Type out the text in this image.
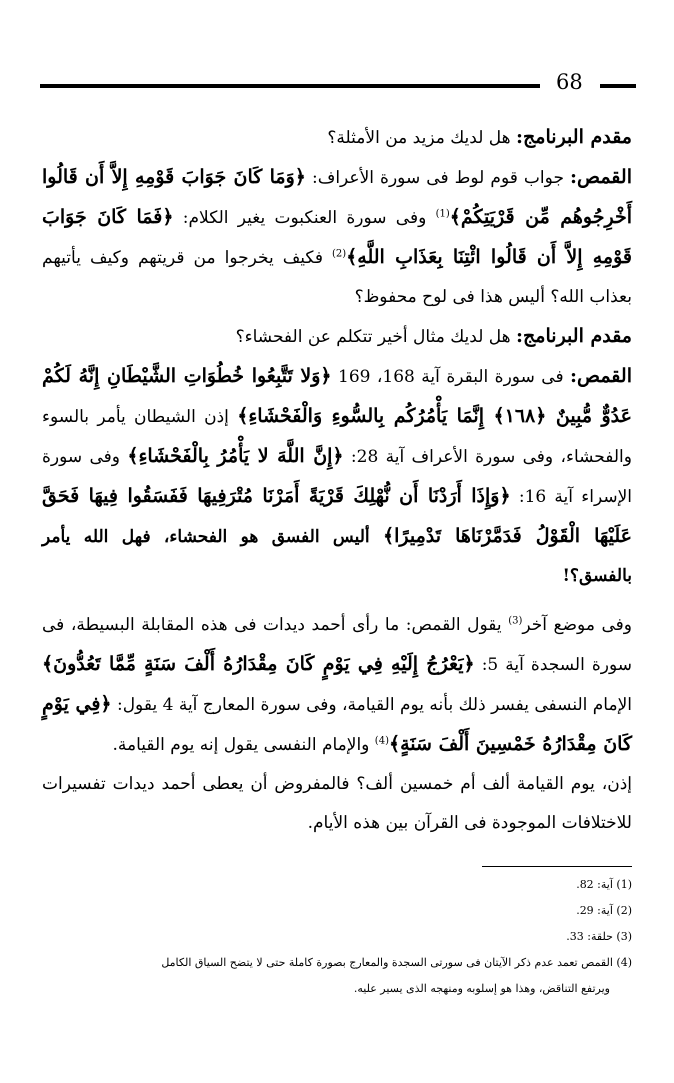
68

مقدم البرنامج: هل لديك مزيد من الأمثلة؟

القمص: جواب قوم لوط فى سورة الأعراف: ﴿وَمَا كَانَ جَوَابَ قَوْمِهِ إِلاَّ أَن قَالُوا أَخْرِجُوهُم مِّن قَرْيَتِكُمْ﴾$^{(1)}$ وفى سورة العنكبوت يغير الكلام: ﴿فَمَا كَانَ جَوَابَ قَوْمِهِ إِلاَّ أَن قَالُوا ائْتِنَا بِعَذَابِ اللَّهِ﴾$^{(2)}$ فكيف يخرجوا من قريتهم وكيف يأتيهم بعذاب الله؟ أليس هذا فى لوح محفوظ؟

مقدم البرنامج: هل لديك مثال أخير تتكلم عن الفحشاء؟

القمص: فى سورة البقرة آية 168، 169 ﴿وَلا تَتَّبِعُوا خُطُوَاتِ الشَّيْطَانِ إِنَّهُ لَكُمْ عَدُوٌّ مُّبِينٌ ﴿١٦٨﴾ إِنَّمَا يَأْمُرُكُم بِالسُّوءِ وَالْفَحْشَاءِ﴾ إذن الشيطان يأمر بالسوء والفحشاء، وفى سورة الأعراف آية 28: ﴿إِنَّ اللَّهَ لا يَأْمُرُ بِالْفَحْشَاءِ﴾ وفى سورة الإسراء آية 16: ﴿وَإِذَا أَرَدْنَا أَن نُّهْلِكَ قَرْيَةً أَمَرْنَا مُتْرَفِيهَا فَفَسَقُوا فِيهَا فَحَقَّ عَلَيْهَا الْقَوْلُ فَدَمَّرْنَاهَا تَدْمِيرًا﴾ أليس الفسق هو الفحشاء، فهل الله يأمر بالفسق؟!

وفى موضع آخر$^{(3)}$ يقول القمص: ما رأى أحمد ديدات فى هذه المقابلة البسيطة، فى سورة السجدة آية 5: ﴿يَعْرُجُ إِلَيْهِ فِي يَوْمٍ كَانَ مِقْدَارُهُ أَلْفَ سَنَةٍ مِّمَّا تَعُدُّونَ﴾ الإمام النسفى يفسر ذلك بأنه يوم القيامة، وفى سورة المعارج آية 4 يقول: ﴿فِي يَوْمٍ كَانَ مِقْدَارُهُ خَمْسِينَ أَلْفَ سَنَةٍ﴾$^{(4)}$ والإمام النفسى يقول إنه يوم القيامة.

إذن، يوم القيامة ألف أم خمسين ألف؟ فالمفروض أن يعطى أحمد ديدات تفسيرات للاختلافات الموجودة فى القرآن بين هذه الأيام.

(1) آية: 82.

(2) آية: 29.

(3) حلقة: 33.

(4) القمص تعمد عدم ذكر الآيتان فى سورتى السجدة والمعارج بصورة كاملة حتى لا يتضح السياق الكامل

ويرتفع التناقض، وهذا هو إسلوبه ومنهجه الذى يسير عليه.
